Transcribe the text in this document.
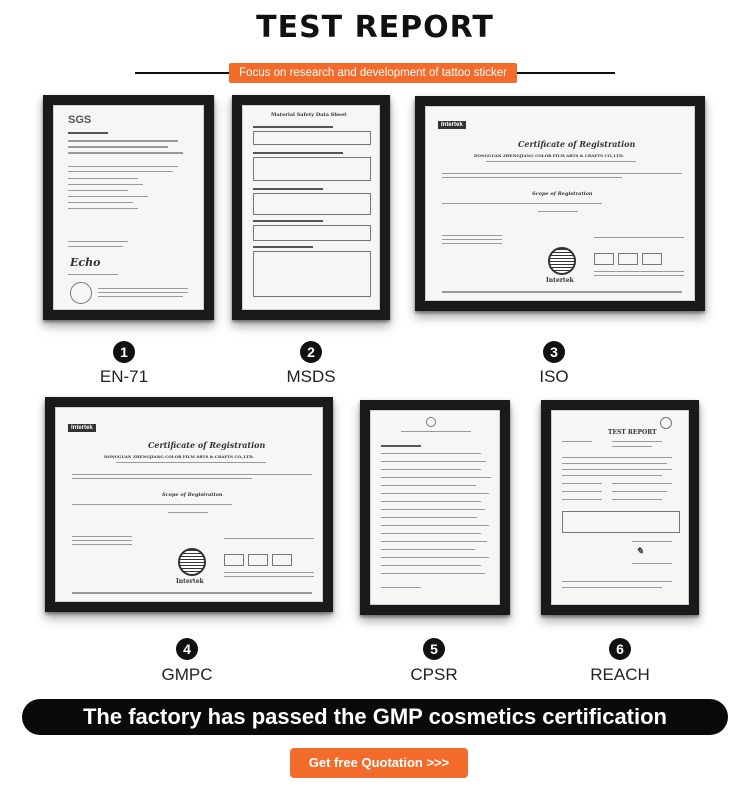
TEST REPORT
Focus on research and development of tattoo sticker
SGS
Echo
Material Safety Data Sheet
Intertek
Certificate of Registration
DONGGUAN ZHENGJIANG COLOR FILM ARTS & CRAFTS CO.,LTD.
Scope of Registration
Intertek
Intertek
Certificate of Registration
DONGGUAN ZHENGJIANG COLOR FILM ARTS & CRAFTS CO.,LTD.
Scope of Registration
Intertek
TEST REPORT
✎
1
EN-71
2
MSDS
3
ISO
4
GMPC
5
CPSR
6
REACH
The factory has passed the GMP cosmetics certification
Get free Quotation >>>
